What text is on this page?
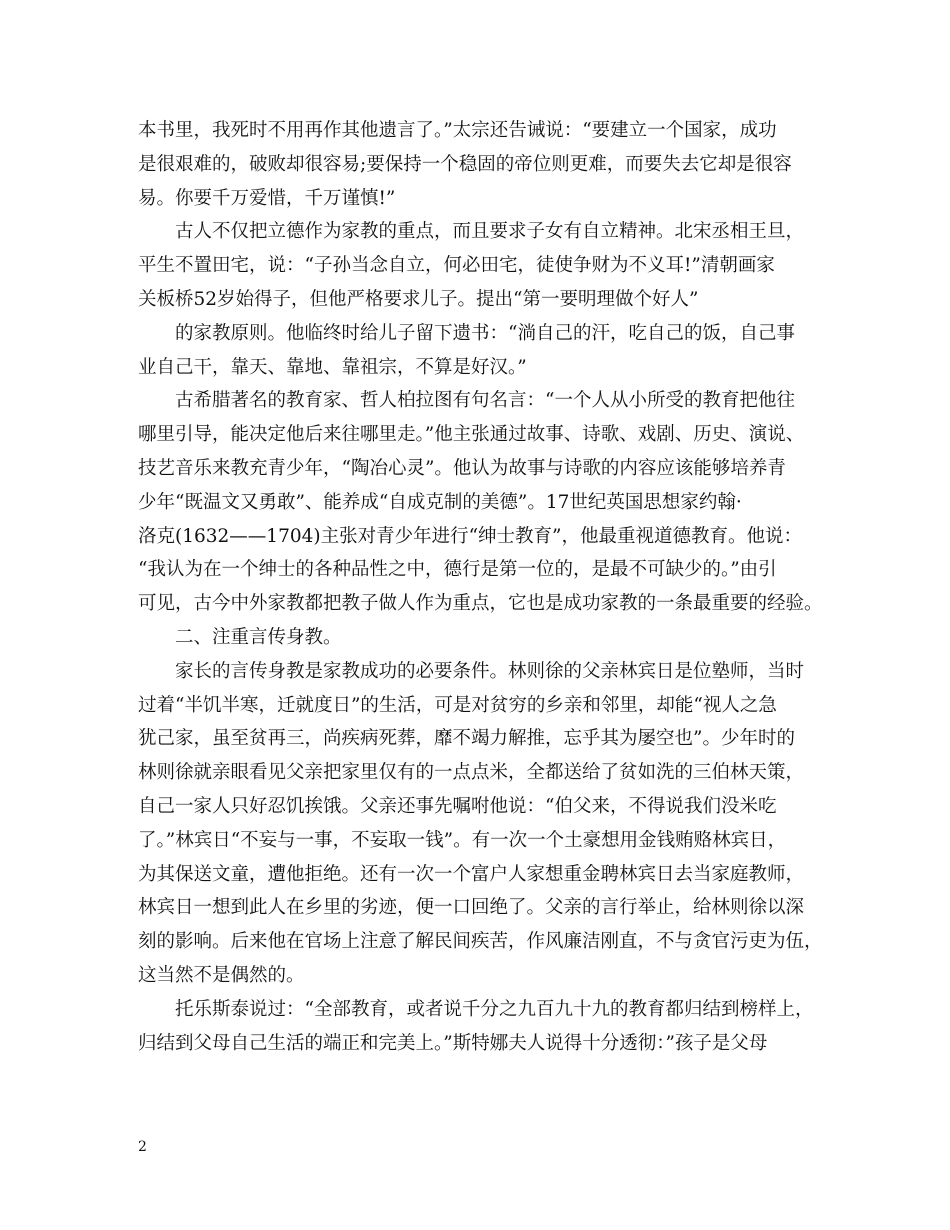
本书里，我死时不用再作其他遗言了。”太宗还告诫说：“要建立一个国家，成功
是很艰难的，破败却很容易;要保持一个稳固的帝位则更难，而要失去它却是很容
易。你要千万爱惜，千万谨慎!”
古人不仅把立德作为家教的重点，而且要求子女有自立精神。北宋丞相王旦，
平生不置田宅，说：“子孙当念自立，何必田宅，徒使争财为不义耳!”清朝画家
关板桥52岁始得子，但他严格要求儿子。提出“第一要明理做个好人”
的家教原则。他临终时给儿子留下遗书：“淌自己的汗，吃自己的饭，自己事
业自己干，靠天、靠地、靠祖宗，不算是好汉。”
古希腊著名的教育家、哲人柏拉图有句名言：“一个人从小所受的教育把他往
哪里引导，能决定他后来往哪里走。”他主张通过故事、诗歌、戏剧、历史、演说、
技艺音乐来教充青少年，“陶冶心灵”。他认为故事与诗歌的内容应该能够培养青
少年“既温文又勇敢”、能养成“自成克制的美德”。17世纪英国思想家约翰·
洛克(1632——1704)主张对青少年进行“绅士教育”，他最重视道德教育。他说：
“我认为在一个绅士的各种品性之中，德行是第一位的，是最不可缺少的。”由引
可见，古今中外家教都把教子做人作为重点，它也是成功家教的一条最重要的经验。
二、注重言传身教。
家长的言传身教是家教成功的必要条件。林则徐的父亲林宾日是位塾师，当时
过着“半饥半寒，迁就度日”的生活，可是对贫穷的乡亲和邻里，却能“视人之急
犹己家，虽至贫再三，尚疾病死葬，靡不竭力解推，忘乎其为屡空也”。少年时的
林则徐就亲眼看见父亲把家里仅有的一点点米，全都送给了贫如洗的三伯林天策，
自己一家人只好忍饥挨饿。父亲还事先嘱咐他说：“伯父来，不得说我们没米吃
了。”林宾日“不妄与一事，不妄取一钱”。有一次一个土豪想用金钱贿赂林宾日，
为其保送文童，遭他拒绝。还有一次一个富户人家想重金聘林宾日去当家庭教师，
林宾日一想到此人在乡里的劣迹，便一口回绝了。父亲的言行举止，给林则徐以深
刻的影响。后来他在官场上注意了解民间疾苦，作风廉洁刚直，不与贪官污吏为伍，
这当然不是偶然的。
托乐斯泰说过：“全部教育，或者说千分之九百九十九的教育都归结到榜样上，
归结到父母自己生活的端正和完美上。”斯特娜夫人说得十分透彻：”孩子是父母
2
